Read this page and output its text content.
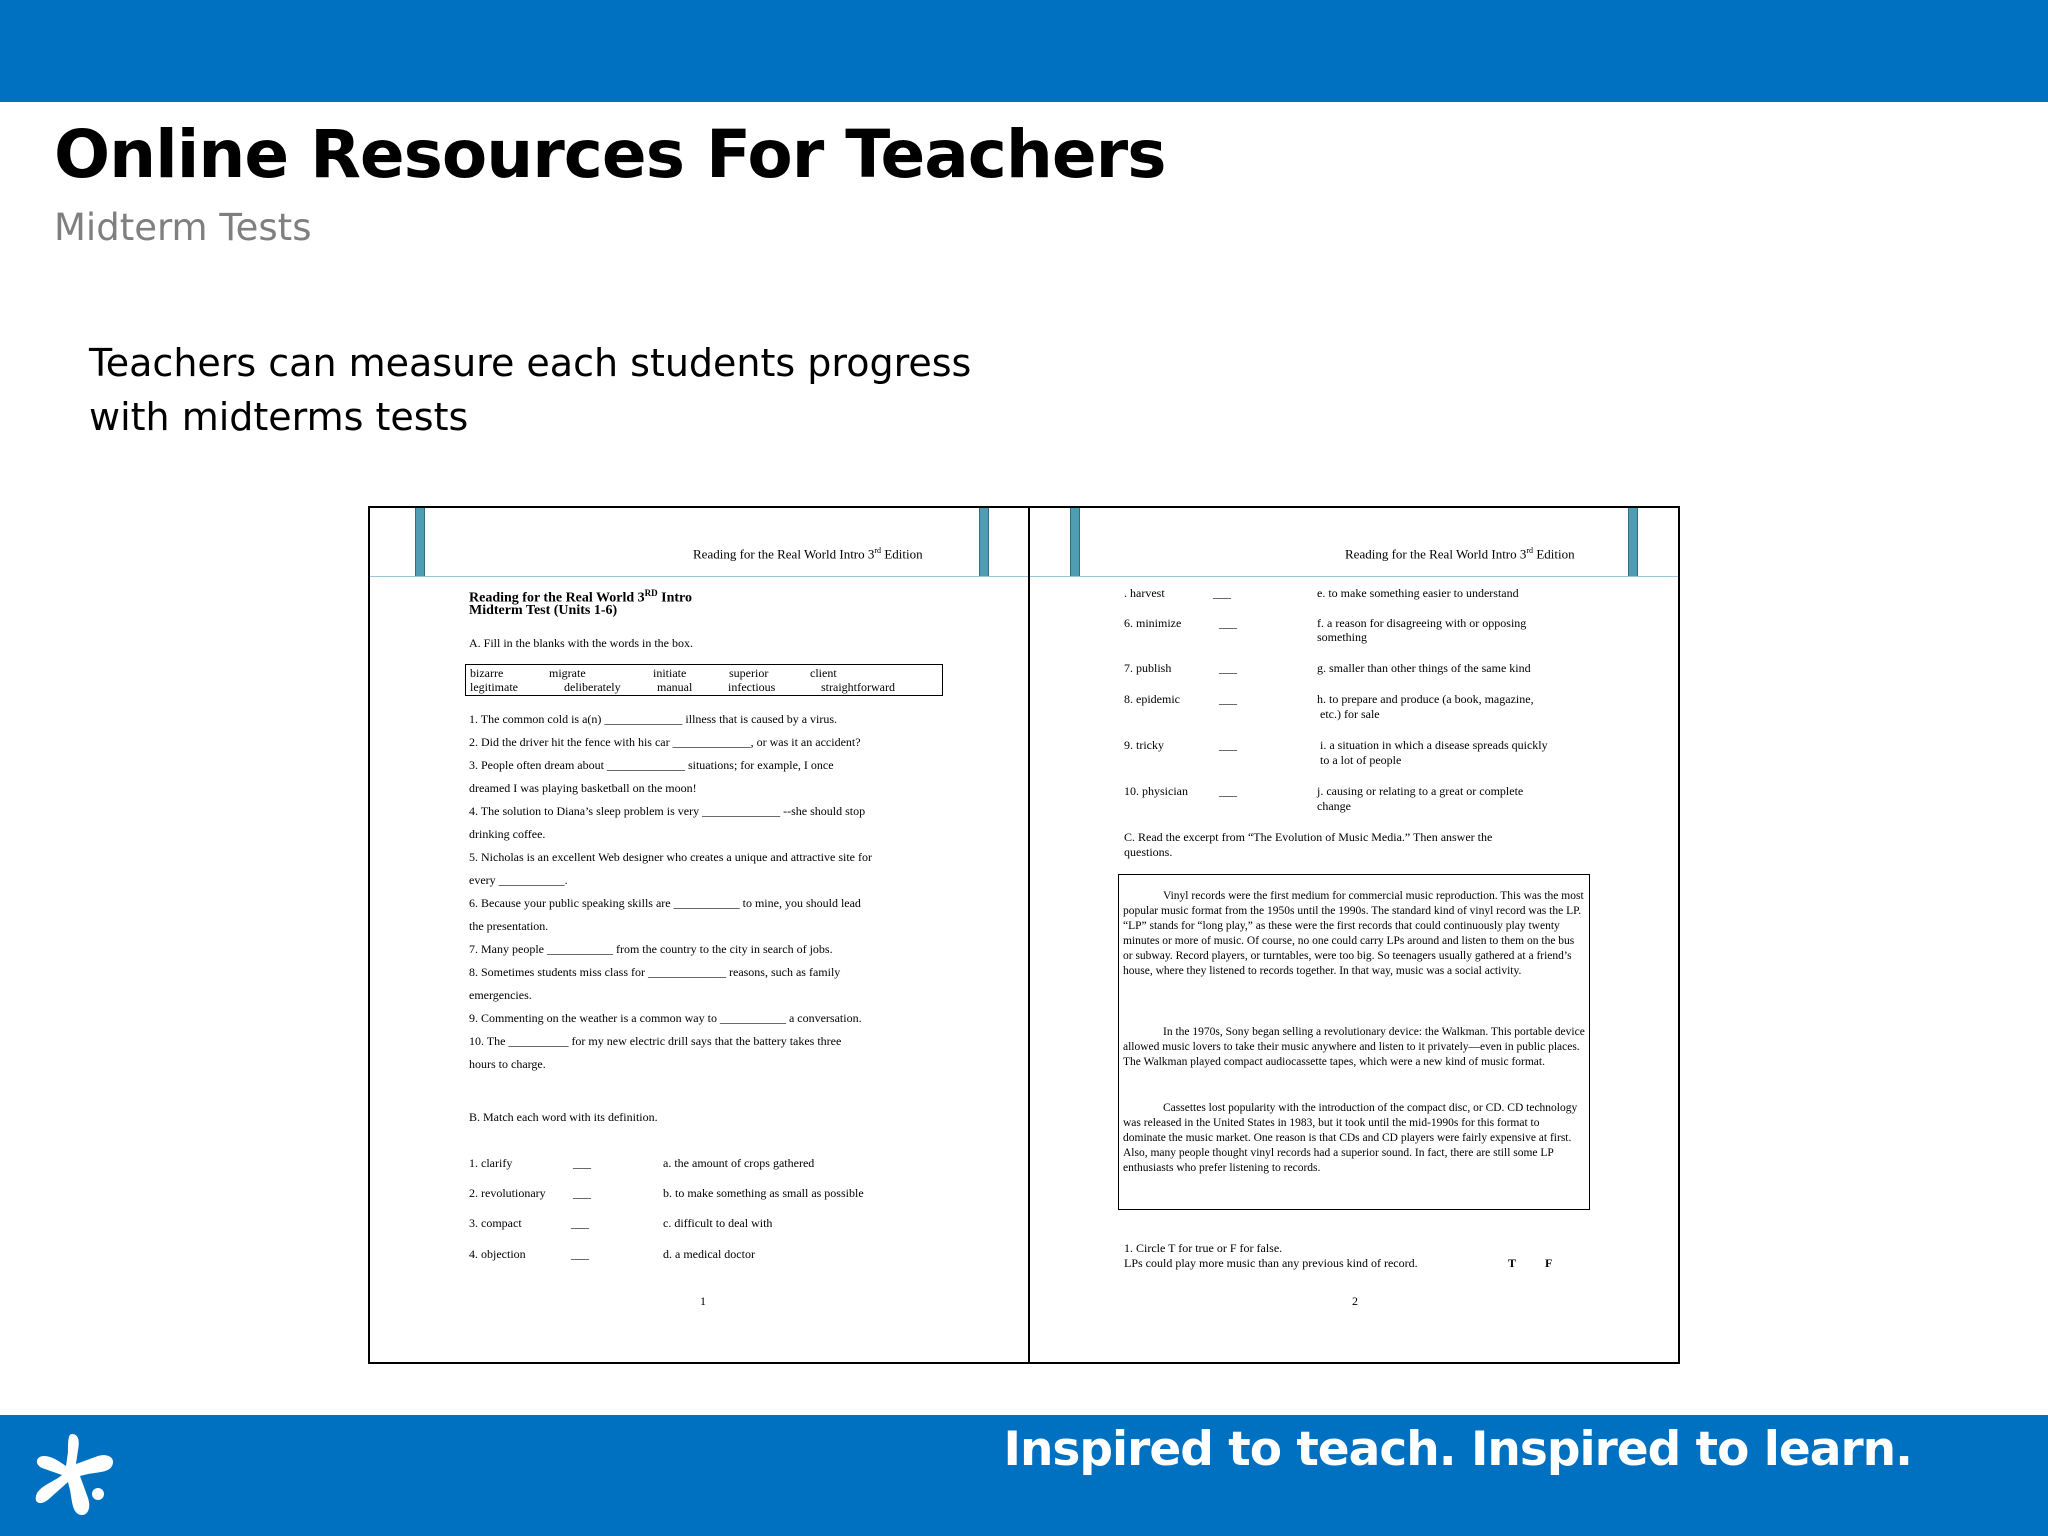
Online Resources For Teachers
Midterm Tests
Teachers can measure each students progress
with midterms tests
Reading for the Real World Intro 3rd Edition
Reading for the Real World 3RD Intro
Midterm Test (Units 1-6)
A. Fill in the blanks with the words in the box.
bizarre	migrate	initiate	superior	client
legitimate	deliberately	manual	infectious	straightforward
1. The common cold is a(n) _____________ illness that is caused by a virus.
2. Did the driver hit the fence with his car _____________, or was it an accident?
3. People often dream about _____________ situations; for example, I once
dreamed I was playing basketball on the moon!
4. The solution to Diana’s sleep problem is very _____________ --she should stop
drinking coffee.
5. Nicholas is an excellent Web designer who creates a unique and attractive site for
every ___________.
6. Because your public speaking skills are ___________ to mine, you should lead
the presentation.
7. Many people ___________ from the country to the city in search of jobs.
8. Sometimes students miss class for _____________ reasons, such as family
emergencies.
9. Commenting on the weather is a common way to ___________ a conversation.
10. The __________ for my new electric drill says that the battery takes three
hours to charge.
B. Match each word with its definition.
1. clarify	___	a. the amount of crops gathered
2. revolutionary ___	b. to make something as small as possible
3. compact	___	c. difficult to deal with
4. objection	___	d. a medical doctor
1
Reading for the Real World Intro 3rd Edition
. harvest	___	e. to make something easier to understand
6. minimize	___	f. a reason for disagreeing with or opposing
something
7. publish	___	g. smaller than other things of the same kind
8. epidemic	___	h. to prepare and produce (a book, magazine,
etc.) for sale
9. tricky	___	i. a situation in which a disease spreads quickly
to a lot of people
10. physician	___	j. causing or relating to a great or complete
change
C. Read the excerpt from “The Evolution of Music Media.” Then answer the
questions.
Vinyl records were the first medium for commercial music reproduction. This was the most popular music format from the 1950s until the 1990s. The standard kind of vinyl record was the LP. “LP” stands for “long play,” as these were the first records that could continuously play twenty minutes or more of music. Of course, no one could carry LPs around and listen to them on the bus or subway. Record players, or turntables, were too big. So teenagers usually gathered at a friend’s house, where they listened to records together. In that way, music was a social activity.
In the 1970s, Sony began selling a revolutionary device: the Walkman. This portable device allowed music lovers to take their music anywhere and listen to it privately—even in public places. The Walkman played compact audiocassette tapes, which were a new kind of music format.
Cassettes lost popularity with the introduction of the compact disc, or CD. CD technology was released in the United States in 1983, but it took until the mid-1990s for this format to dominate the music market. One reason is that CDs and CD players were fairly expensive at first. Also, many people thought vinyl records had a superior sound. In fact, there are still some LP enthusiasts who prefer listening to records.
1. Circle T for true or F for false.
LPs could play more music than any previous kind of record.	T F
2
Inspired to teach. Inspired to learn.
